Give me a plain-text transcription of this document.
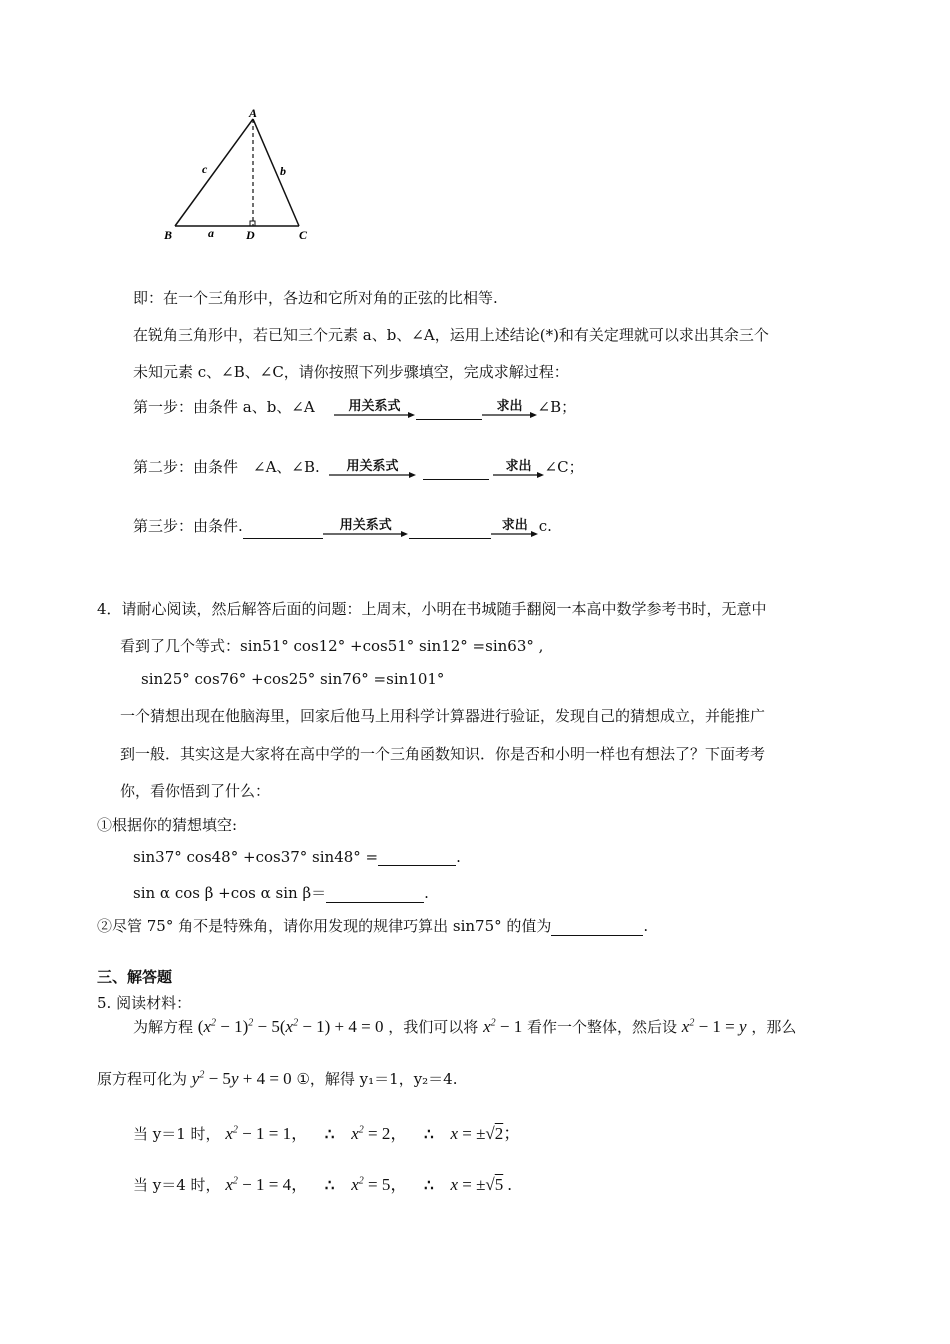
A
B	C
D
a
b
c
即：在一个三角形中，各边和它所对角的正弦的比相等.
在锐角三角形中，若已知三个元素 a、b、∠A，运用上述结论(*)和有关定理就可以求出其余三个
未知元素 c、∠B、∠C，请你按照下列步骤填空，完成求解过程：
第一步：由条件 a、b、∠A	用关系式	求出	∠B；
第二步：由条件　∠A、∠B.	用关系式	求出 ∠C；
第三步：由条件.	用关系式	求出 c.
4．请耐心阅读，然后解答后面的问题：上周末，小明在书城随手翻阅一本高中数学参考书时，无意中
看到了几个等式：sin51° cos12° +cos51° sin12° =sin63° ,
sin25° cos76° +cos25° sin76° =sin101°
一个猜想出现在他脑海里，回家后他马上用科学计算器进行验证，发现自己的猜想成立，并能推广
到一般．其实这是大家将在高中学的一个三角函数知识．你是否和小明一样也有想法了？下面考考
你，看你悟到了什么：
①根据你的猜想填空:
sin37° cos48° +cos37° sin48° =	.
sin α cos β +cos α sin β＝	.
②尽管 75° 角不是特殊角，请你用发现的规律巧算出 sin75° 的值为	.
三、解答题
5. 阅读材料：
为解方程 $(x^2 - 1)^2 - 5(x^2 - 1) + 4 = 0$ ，我们可以将 $x^2 - 1$ 看作一个整体，然后设 $x^2 - 1 = y$ ，那么
原方程可化为 $y^2 - 5y + 4 = 0$ ①，解得 y₁＝1，y₂＝4.
当 y＝1 时， $x^2 - 1 = 1$， ∴ $x^2 = 2$， ∴ x = ±√2；
当 y＝4 时， $x^2 - 1 = 4$， ∴ $x^2 = 5$， ∴ x = ±√5 .
